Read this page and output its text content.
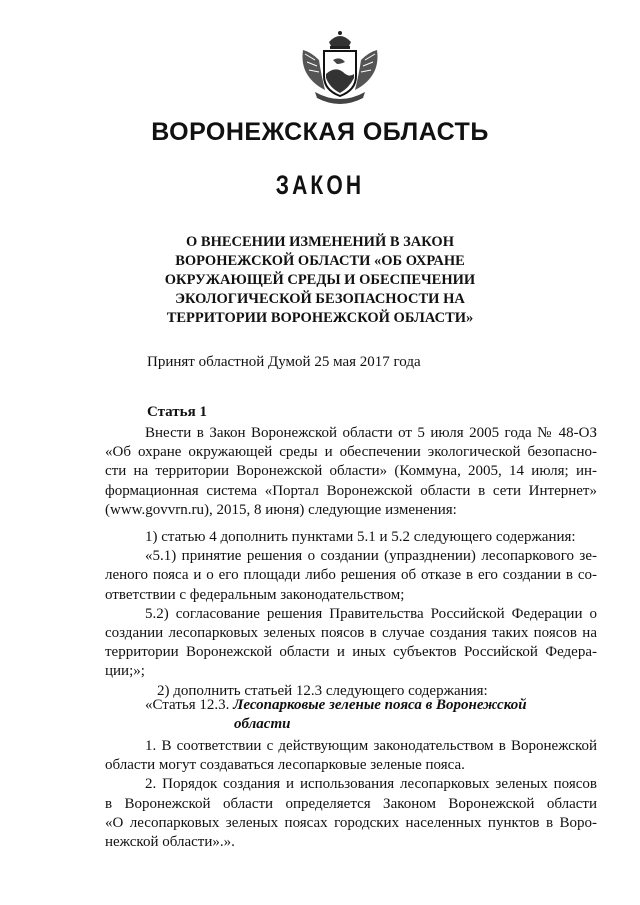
ВОРОНЕЖСКАЯ ОБЛАСТЬ
ЗАКОН
О ВНЕСЕНИИ ИЗМЕНЕНИЙ В ЗАКОН
ВОРОНЕЖСКОЙ ОБЛАСТИ «ОБ ОХРАНЕ
ОКРУЖАЮЩЕЙ СРЕДЫ И ОБЕСПЕЧЕНИИ
ЭКОЛОГИЧЕСКОЙ БЕЗОПАСНОСТИ НА
ТЕРРИТОРИИ ВОРОНЕЖСКОЙ ОБЛАСТИ»

Принят областной Думой 25 мая 2017 года

Статья 1

Внести в Закон Воронежской области от 5 июля 2005 года № 48-ОЗ
«Об охране окружающей среды и обеспечении экологической безопасно-
сти на территории Воронежской области» (Коммуна, 2005, 14 июля; ин-
формационная система «Портал Воронежской области в сети Интернет»
(www.govvrn.ru), 2015, 8 июня) следующие изменения:
1) статью 4 дополнить пунктами 5.1 и 5.2 следующего содержания:
«5.1) принятие решения о создании (упразднении) лесопаркового зе-
леного пояса и о его площади либо решения об отказе в его создании в со-
ответствии с федеральным законодательством;
5.2) согласование решения Правительства Российской Федерации о
создании лесопарковых зеленых поясов в случае создания таких поясов на
территории Воронежской области и иных субъектов Российской Федера-
ции;»;
2) дополнить статьей 12.3 следующего содержания:
«Статья 12.3. Лесопарковые зеленые пояса в Воронежской
области
1. В соответствии с действующим законодательством в Воронежской
области могут создаваться лесопарковые зеленые пояса.
2. Порядок создания и использования лесопарковых зеленых поясов
в Воронежской области определяется Законом Воронежской области
«О лесопарковых зеленых поясах городских населенных пунктов в Воро-
нежской области».».
